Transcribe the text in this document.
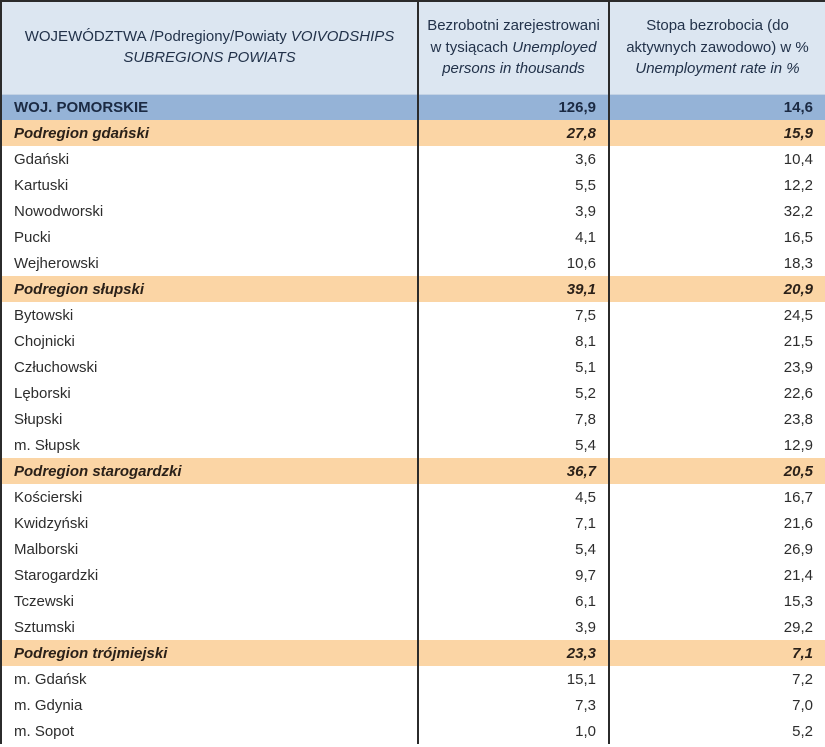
WOJEWÓDZTWA /Podregiony/Powiaty VOIVODSHIPS SUBREGIONS POWIATS	Bezrobotni zarejestrowani w tysiącach Unemployed persons in thousands	Stopa bezrobocia (do aktywnych zawodowo) w % Unemployment rate in %
WOJ. POMORSKIE	126,9	14,6
Podregion gdański	27,8	15,9
Gdański	3,6	10,4
Kartuski	5,5	12,2
Nowodworski	3,9	32,2
Pucki	4,1	16,5
Wejherowski	10,6	18,3
Podregion słupski	39,1	20,9
Bytowski	7,5	24,5
Chojnicki	8,1	21,5
Człuchowski	5,1	23,9
Lęborski	5,2	22,6
Słupski	7,8	23,8
m. Słupsk	5,4	12,9
Podregion starogardzki	36,7	20,5
Kościerski	4,5	16,7
Kwidzyński	7,1	21,6
Malborski	5,4	26,9
Starogardzki	9,7	21,4
Tczewski	6,1	15,3
Sztumski	3,9	29,2
Podregion trójmiejski	23,3	7,1
m. Gdańsk	15,1	7,2
m. Gdynia	7,3	7,0
m. Sopot	1,0	5,2
